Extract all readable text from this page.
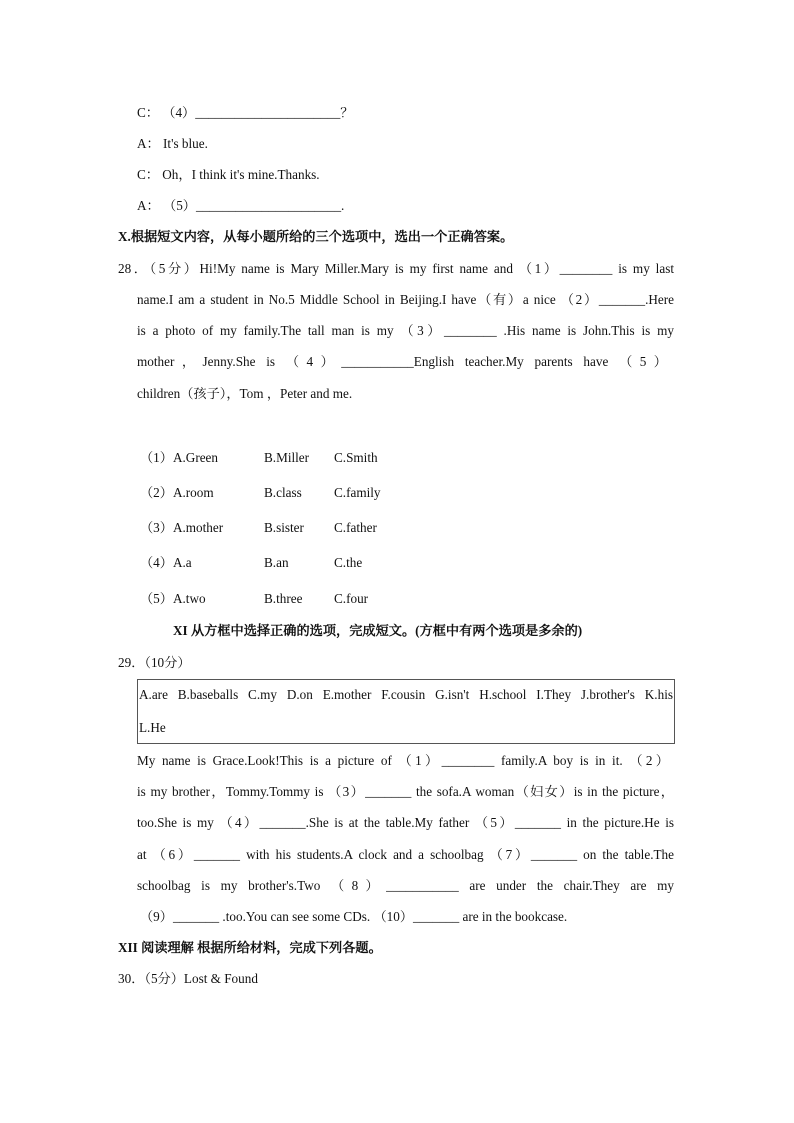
C： （4）______________________？
A： It's blue.
C： Oh，I think it's mine.Thanks.
A： （5）______________________.
X.根据短文内容，从每小题所给的三个选项中，选出一个正确答案。
28．（5分）Hi!My name is Mary Miller.Mary is my first name and （1）________ is my last
name.I am a student in No.5 Middle School in Beijing.I have（有）a nice （2）_______.Here
is a photo of my family.The tall man is my （3）________ .His name is John.This is my
mother，Jenny.She is （4）___________English teacher.My parents have （5）
children（孩子），Tom ，Peter and me.
（1）A.Green	B.Miller C.Smith
（2）A.room	B.class C.family
（3）A.mother	B.sister C.father
（4）A.a	B.an	C.the
（5）A.two	B.three C.four
XI 从方框中选择正确的选项，完成短文。(方框中有两个选项是多余的)
29．（10分）
A.are B.baseballs C.my D.on E.mother F.cousin G.isn't H.school I.They J.brother's K.his
L.He
My name is Grace.Look!This is a picture of （1）________ family.A boy is in it. （2）
is my brother，Tommy.Tommy is （3）_______ the sofa.A woman（妇女）is in the picture，
too.She is my （4）_______.She is at the table.My father （5）_______ in the picture.He is
at （6）_______ with his students.A clock and a schoolbag （7）_______ on the table.The
schoolbag is my brother's.Two （8）___________ are under the chair.They are my
（9）_______ .too.You can see some CDs. （10）_______ are in the bookcase.
XII 阅读理解 根据所给材料，完成下列各题。
30．（5分）Lost & Found
